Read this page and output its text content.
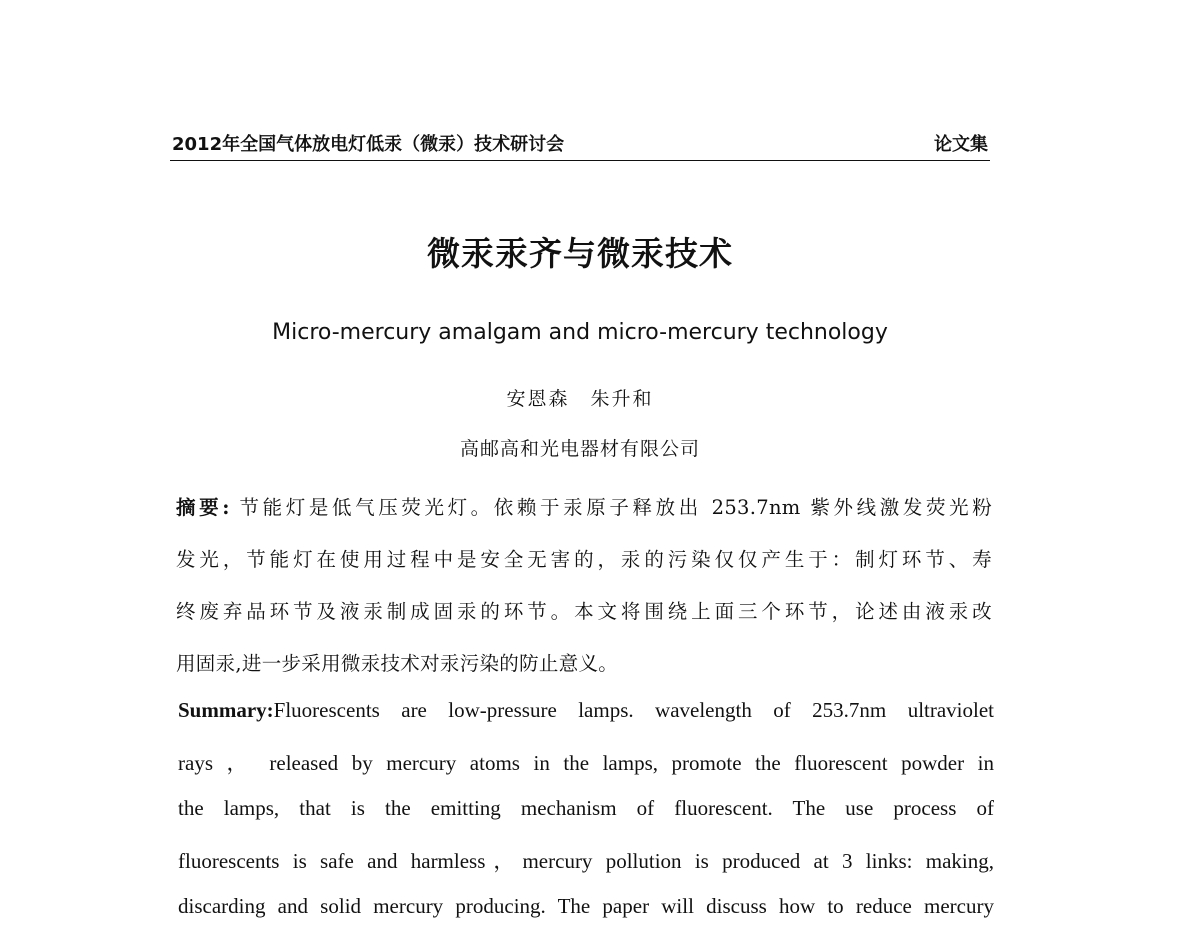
2012年全国气体放电灯低汞（微汞）技术研讨会	论文集
微汞汞齐与微汞技术
Micro-mercury amalgam and micro-mercury technology
安恩森　朱升和
高邮高和光电器材有限公司
摘要: 节能灯是低气压荧光灯。依赖于汞原子释放出 253.7nm 紫外线激发荧光粉
发光，节能灯在使用过程中是安全无害的，汞的污染仅仅产生于：制灯环节、寿
终废弃品环节及液汞制成固汞的环节。本文将围绕上面三个环节，论述由液汞改
用固汞,进一步采用微汞技术对汞污染的防止意义。
Summary:Fluorescents are low-pressure lamps. wavelength of 253.7nm ultraviolet
rays ， released by mercury atoms in the lamps, promote the fluorescent powder in
the lamps, that is the emitting mechanism of fluorescent. The use process of
fluorescents is safe and harmless，mercury pollution is produced at 3 links: making,
discarding and solid mercury producing. The paper will discuss how to reduce mercury
